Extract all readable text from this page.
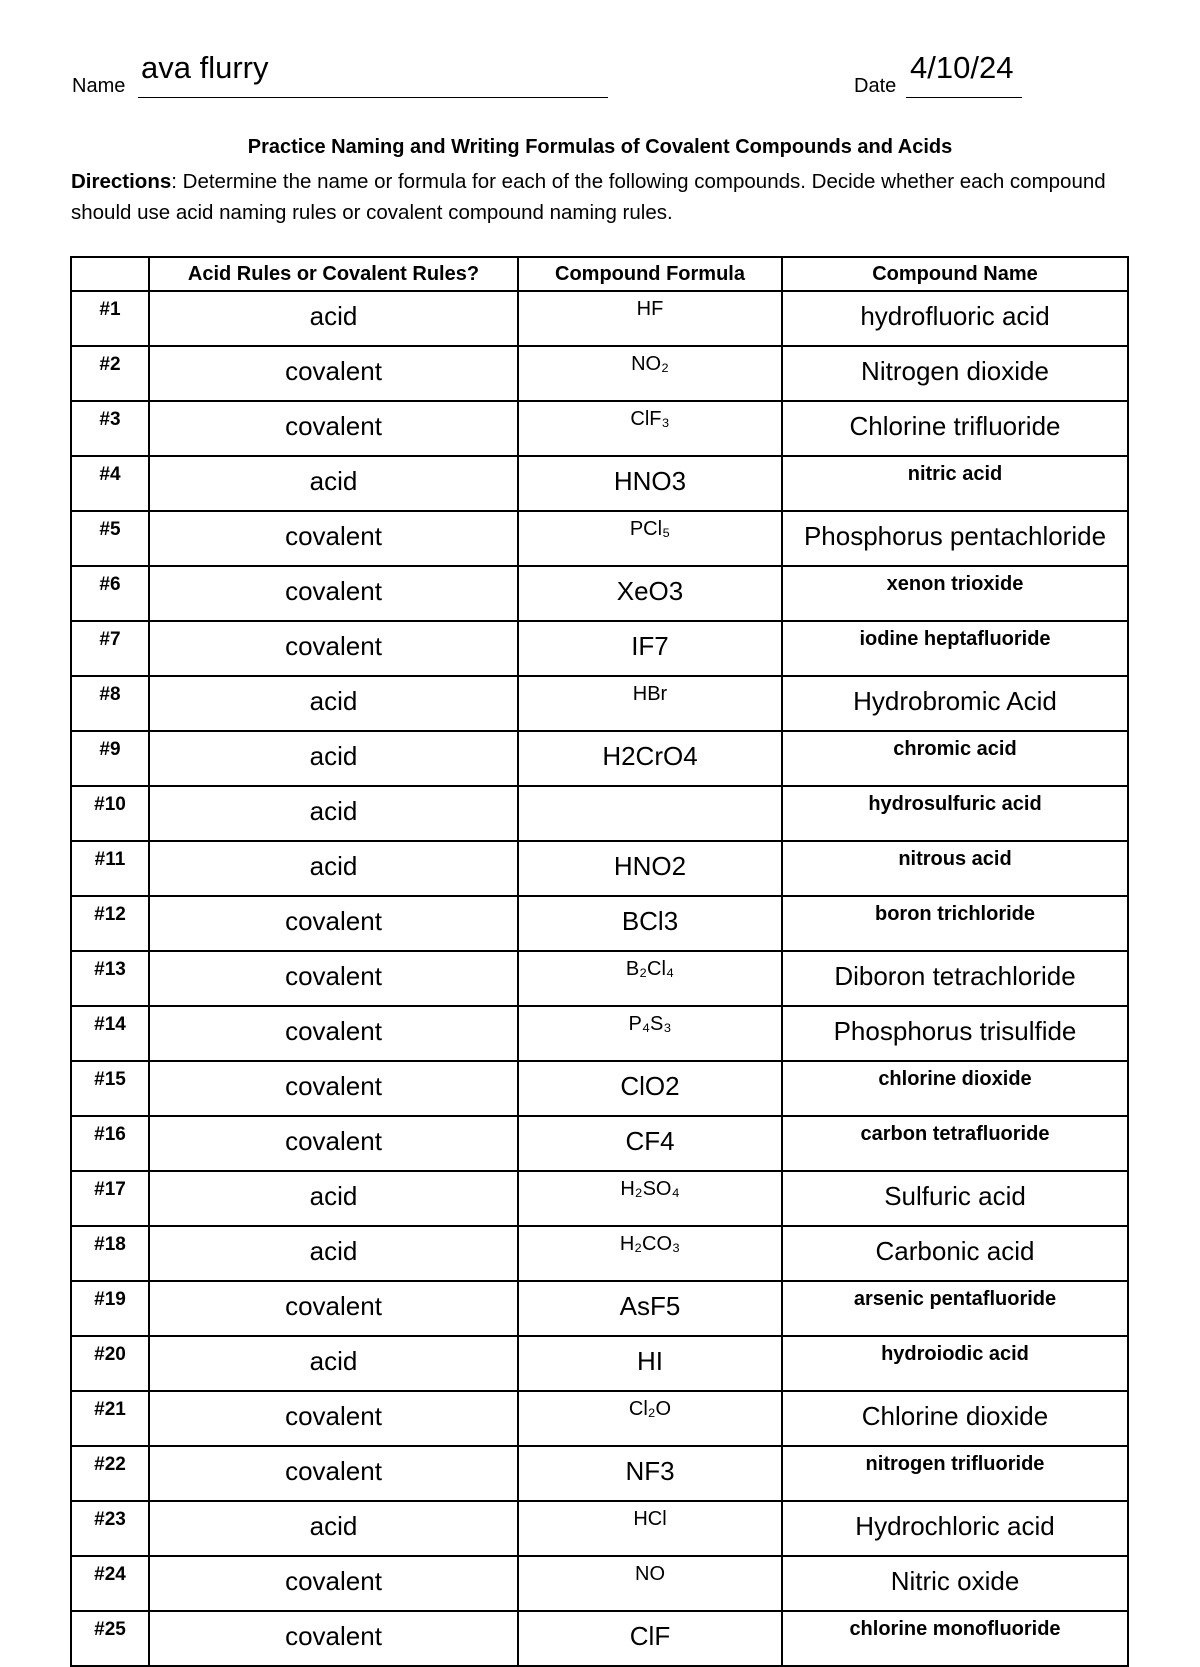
Name
ava flurry
Date
4/10/24
Practice Naming and Writing Formulas of Covalent Compounds and Acids
Directions: Determine the name or formula for each of the following compounds. Decide whether each compound should use acid naming rules or covalent compound naming rules.
	Acid Rules or Covalent Rules?	Compound Formula	Compound Name
#1	acid	HF	hydrofluoric acid
#2	covalent	NO₂	Nitrogen dioxide
#3	covalent	ClF₃	Chlorine trifluoride
#4	acid	HNO3	nitric acid
#5	covalent	PCl₅	Phosphorus pentachloride
#6	covalent	XeO3	xenon trioxide
#7	covalent	IF7	iodine heptafluoride
#8	acid	HBr	Hydrobromic Acid
#9	acid	H2CrO4	chromic acid
#10	acid		hydrosulfuric acid
#11	acid	HNO2	nitrous acid
#12	covalent	BCl3	boron trichloride
#13	covalent	B₂Cl₄	Diboron tetrachloride
#14	covalent	P₄S₃	Phosphorus trisulfide
#15	covalent	ClO2	chlorine dioxide
#16	covalent	CF4	carbon tetrafluoride
#17	acid	H₂SO₄	Sulfuric acid
#18	acid	H₂CO₃	Carbonic acid
#19	covalent	AsF5	arsenic pentafluoride
#20	acid	HI	hydroiodic acid
#21	covalent	Cl₂O	Chlorine dioxide
#22	covalent	NF3	nitrogen trifluoride
#23	acid	HCl	Hydrochloric acid
#24	covalent	NO	Nitric oxide
#25	covalent	ClF	chlorine monofluoride
